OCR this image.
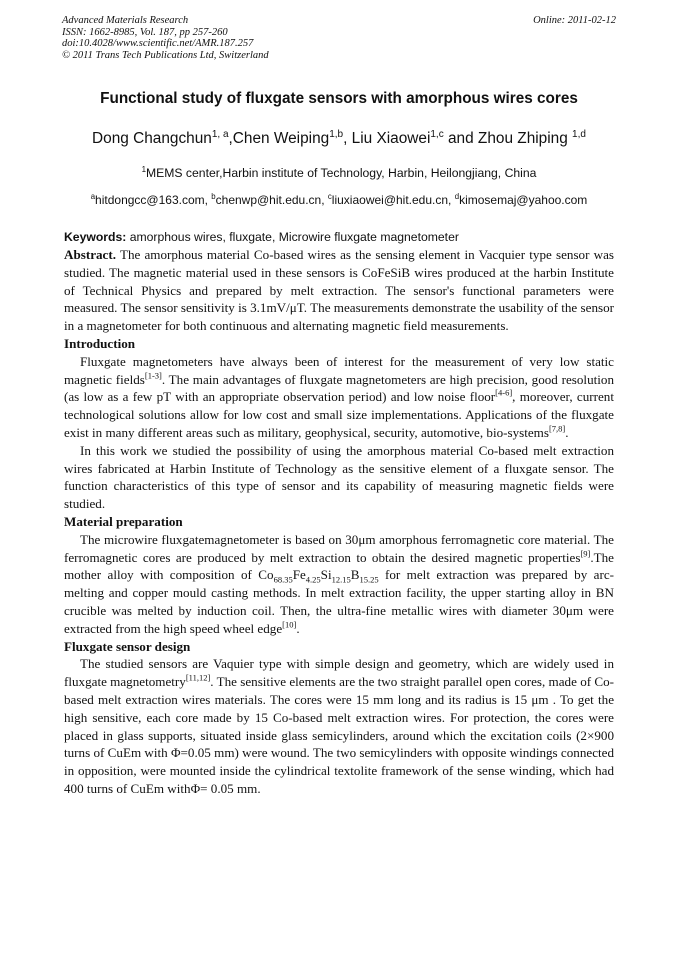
Advanced Materials Research
ISSN: 1662-8985, Vol. 187, pp 257-260
doi:10.4028/www.scientific.net/AMR.187.257
© 2011 Trans Tech Publications Ltd, Switzerland
Online: 2011-02-12
Functional study of fluxgate sensors with amorphous wires cores
Dong Changchun$^{1, a}$,Chen Weiping$^{1,b}$, Liu Xiaowei$^{1,c}$ and Zhou Zhiping $^{1,d}$
$^1$MEMS center,Harbin institute of Technology, Harbin, Heilongjiang, China
$^a$hitdongcc@163.com, $^b$chenwp@hit.edu.cn, $^c$liuxiaowei@hit.edu.cn, $^d$kimosemaj@yahoo.com
Keywords: amorphous wires, fluxgate, Microwire fluxgate magnetometer

Abstract. The amorphous material Co-based wires as the sensing element in Vacquier type sensor was studied. The magnetic material used in these sensors is CoFeSiB wires produced at the harbin Institute of Technical Physics and prepared by melt extraction. The sensor's functional parameters were measured. The sensor sensitivity is 3.1mV/μT. The measurements demonstrate the usability of the sensor in a magnetometer for both continuous and alternating magnetic field measurements.

Introduction

Fluxgate magnetometers have always been of interest for the measurement of very low static magnetic fields[1-3]. The main advantages of fluxgate magnetometers are high precision, good resolution (as low as a few pT with an appropriate observation period) and low noise floor[4-6], moreover, current technological solutions allow for low cost and small size implementations. Applications of the fluxgate exist in many different areas such as military, geophysical, security, automotive, bio-systems[7,8].

In this work we studied the possibility of using the amorphous material Co-based melt extraction wires fabricated at Harbin Institute of Technology as the sensitive element of a fluxgate sensor. The function characteristics of this type of sensor and its capability of measuring magnetic fields were studied.

Material preparation

The microwire fluxgatemagnetometer is based on 30μm amorphous ferromagnetic core material. The ferromagnetic cores are produced by melt extraction to obtain the desired magnetic properties[9].The mother alloy with composition of $Co_{68.35}Fe_{4.25}Si_{12.15}B_{15.25}$ for melt extraction was prepared by arc-melting and copper mould casting methods. In melt extraction facility, the upper starting alloy in BN crucible was melted by induction coil. Then, the ultra-fine metallic wires with diameter 30μm were extracted from the high speed wheel edge[10].

Fluxgate sensor design

The studied sensors are Vaquier type with simple design and geometry, which are widely used in fluxgate magnetometry[11,12]. The sensitive elements are the two straight parallel open cores, made of Co-based melt extraction wires materials. The cores were 15 mm long and its radius is 15 μm . To get the high sensitive, each core made by 15 Co-based melt extraction wires. For protection, the cores were placed in glass supports, situated inside glass semicylinders, around which the excitation coils (2×900 turns of CuEm with Φ=0.05 mm) were wound. The two semicylinders with opposite windings connected in opposition, were mounted inside the cylindrical textolite framework of the sense winding, which had 400 turns of CuEm withΦ= 0.05 mm.
